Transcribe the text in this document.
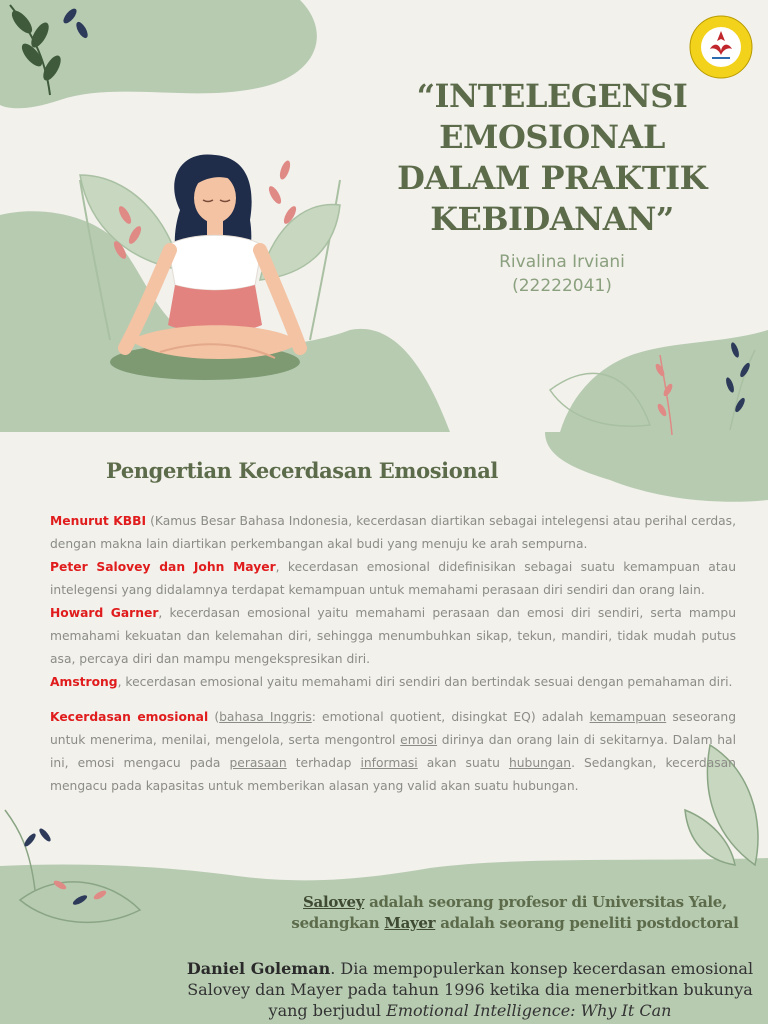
“INTELEGENSI EMOSIONAL DALAM PRAKTIK KEBIDANAN”
Rivalina Irviani
(22222041)
Pengertian Kecerdasan Emosional

Menurut KBBI (Kamus Besar Bahasa Indonesia, kecerdasan diartikan sebagai intelegensi atau perihal cerdas, dengan makna lain diartikan perkembangan akal budi yang menuju ke arah sempurna.

Peter Salovey dan John Mayer, kecerdasan emosional didefinisikan sebagai suatu kemampuan atau intelegensi yang didalamnya terdapat kemampuan untuk memahami perasaan diri sendiri dan orang lain.

Howard Garner, kecerdasan emosional yaitu memahami perasaan dan emosi diri sendiri, serta mampu memahami kekuatan dan kelemahan diri, sehingga menumbuhkan sikap, tekun, mandiri, tidak mudah putus asa, percaya diri dan mampu mengekspresikan diri.

Amstrong, kecerdasan emosional yaitu memahami diri sendiri dan bertindak sesuai dengan pemahaman diri.

Kecerdasan emosional (bahasa Inggris: emotional quotient, disingkat EQ) adalah kemampuan seseorang untuk menerima, menilai, mengelola, serta mengontrol emosi dirinya dan orang lain di sekitarnya. Dalam hal ini, emosi mengacu pada perasaan terhadap informasi akan suatu hubungan. Sedangkan, kecerdasan mengacu pada kapasitas untuk memberikan alasan yang valid akan suatu hubungan.

Salovey adalah seorang profesor di Universitas Yale,
sedangkan Mayer adalah seorang peneliti postdoctoral
Daniel Goleman. Dia mempopulerkan konsep kecerdasan emosional Salovey dan Mayer pada tahun 1996 ketika dia menerbitkan bukunya yang berjudul Emotional Intelligence: Why It Can
